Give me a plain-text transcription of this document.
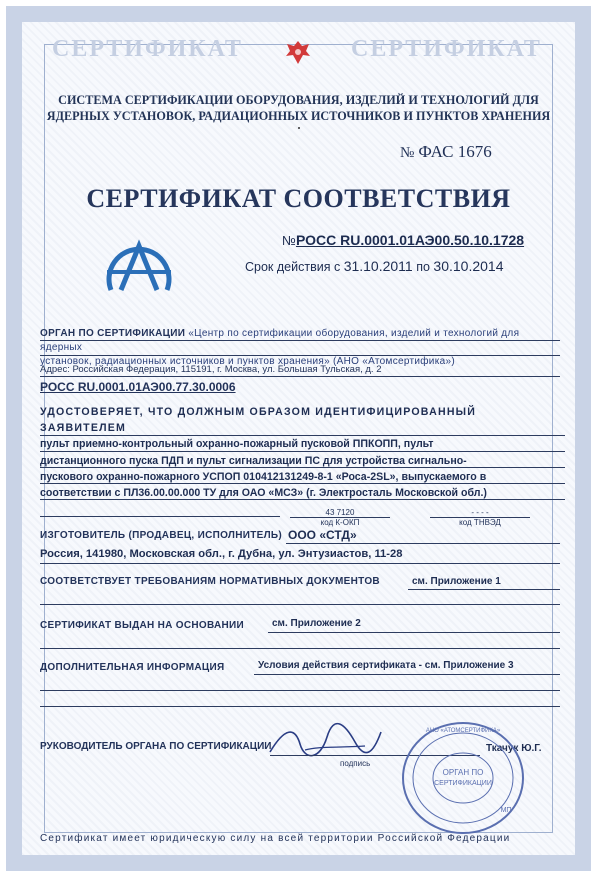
СЕРТИФИКАТ	СЕРТИФИКАТ
СИСТЕМА СЕРТИФИКАЦИИ ОБОРУДОВАНИЯ, ИЗДЕЛИЙ И ТЕХНОЛОГИЙ ДЛЯ
ЯДЕРНЫХ УСТАНОВОК, РАДИАЦИОННЫХ ИСТОЧНИКОВ И ПУНКТОВ ХРАНЕНИЯ
№ ФАС 1676
СЕРТИФИКАТ СООТВЕТСТВИЯ
№РОСС RU.0001.01АЭ00.50.10.1728
Срок действия с 31.10.2011 по 30.10.2014
ОРГАН ПО СЕРТИФИКАЦИИ «Центр по сертификации оборудования, изделий и технологий для ядерных
установок, радиационных источников и пунктов хранения» (АНО «Атомсертифика»)
Адрес: Российская Федерация, 115191, г. Москва, ул. Большая Тульская, д. 2
РОСС RU.0001.01АЭ00.77.30.0006
УДОСТОВЕРЯЕТ, ЧТО ДОЛЖНЫМ ОБРАЗОМ ИДЕНТИФИЦИРОВАННЫЙ ЗАЯВИТЕЛЕМ
пульт приемно-контрольный охранно-пожарный пусковой ППКОПП, пульт
дистанционного пуска ПДП и пульт сигнализации ПС для устройства сигнально-
пускового охранно-пожарного УСПОП 010412131249-8-1 «Роса-2SL», выпускаемого в
соответствии с ПЛ36.00.00.000 ТУ для ОАО «МСЗ» (г. Электросталь Московской обл.)
43 7120
код К-ОКП
- - - -
код ТНВЭД
ИЗГОТОВИТЕЛЬ (ПРОДАВЕЦ, ИСПОЛНИТЕЛЬ) ООО «СТД»
Россия, 141980, Московская обл., г. Дубна, ул. Энтузиастов, 11-28
СООТВЕТСТВУЕТ ТРЕБОВАНИЯМ НОРМАТИВНЫХ ДОКУМЕНТОВ	см. Приложение 1
СЕРТИФИКАТ ВЫДАН НА ОСНОВАНИИ	см. Приложение 2
ДОПОЛНИТЕЛЬНАЯ ИНФОРМАЦИЯ	Условия действия сертификата - см. Приложение 3
РУКОВОДИТЕЛЬ ОРГАНА ПО СЕРТИФИКАЦИИ
подпись
Ткачук Ю.Г.
ОРГАН ПО
СЕРТИФИКАЦИИ
АНО «АТОМСЕРТИФИКА»
МП
Сертификат имеет юридическую силу на всей территории Российской Федерации
